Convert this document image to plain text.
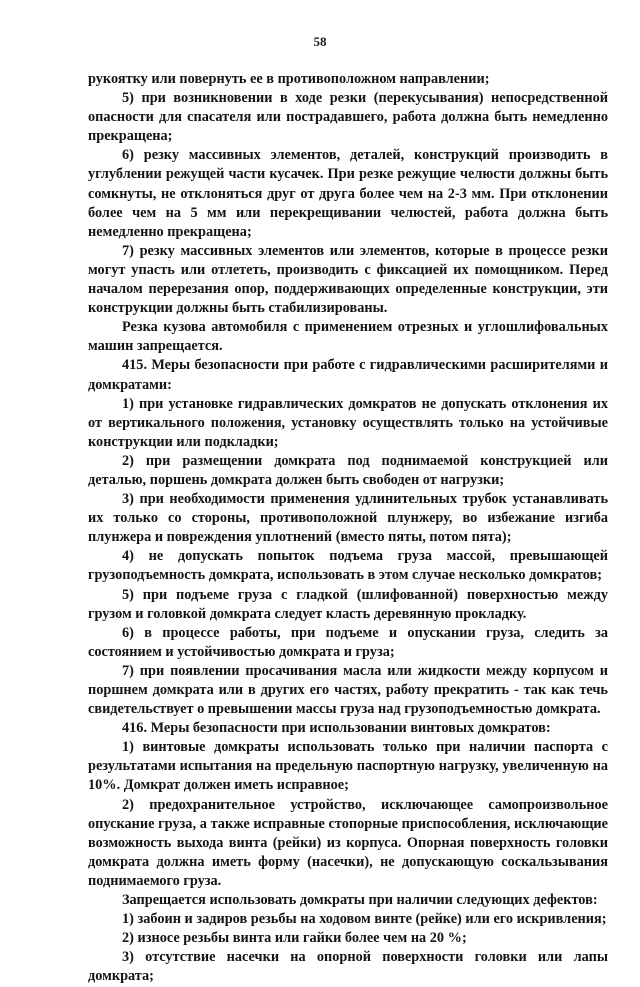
58

рукоятку или повернуть ее в противоположном направлении;

5) при возникновении в ходе резки (перекусывания) непосредственной опасности для спасателя или пострадавшего, работа должна быть немедленно прекращена;

6) резку массивных элементов, деталей, конструкций производить в углублении режущей части кусачек. При резке режущие челюсти должны быть сомкнуты, не отклоняться друг от друга более чем на 2-3 мм. При отклонении более чем на 5 мм или перекрещивании челюстей, работа должна быть немедленно прекращена;

7) резку массивных элементов или элементов, которые в процессе резки могут упасть или отлететь, производить с фиксацией их помощником. Перед началом перерезания опор, поддерживающих определенные конструкции, эти конструкции должны быть стабилизированы.

Резка кузова автомобиля с применением отрезных и углошлифовальных машин запрещается.

415. Меры безопасности при работе с гидравлическими расширителями и домкратами:

1) при установке гидравлических домкратов не допускать отклонения их от вертикального положения, установку осуществлять только на устойчивые конструкции или подкладки;

2) при размещении домкрата под поднимаемой конструкцией или деталью, поршень домкрата должен быть свободен от нагрузки;

3) при необходимости применения удлинительных трубок устанавливать их только со стороны, противоположной плунжеру, во избежание изгиба плунжера и повреждения уплотнений (вместо пяты, потом пята);

4) не допускать попыток подъема груза массой, превышающей грузоподъемность домкрата, использовать в этом случае несколько домкратов;

5) при подъеме груза с гладкой (шлифованной) поверхностью между грузом и головкой домкрата следует класть деревянную прокладку.

6) в процессе работы, при подъеме и опускании груза, следить за состоянием и устойчивостью домкрата и груза;

7) при появлении просачивания масла или жидкости между корпусом и поршнем домкрата или в других его частях, работу прекратить - так как течь свидетельствует о превышении массы груза над грузоподъемностью домкрата.

416. Меры безопасности при использовании винтовых домкратов:

1) винтовые домкраты использовать только при наличии паспорта с результатами испытания на предельную паспортную нагрузку, увеличенную на 10%. Домкрат должен иметь исправное;

2) предохранительное устройство, исключающее самопроизвольное опускание груза, а также исправные стопорные приспособления, исключающие возможность выхода винта (рейки) из корпуса. Опорная поверхность головки домкрата должна иметь форму (насечки), не допускающую соскальзывания поднимаемого груза.

Запрещается использовать домкраты при наличии следующих дефектов:

1) забоин и задиров резьбы на ходовом винте (рейке) или его искривления;

2) износе резьбы винта или гайки более чем на 20 %;

3) отсутствие насечки на опорной поверхности головки или лапы домкрата;
